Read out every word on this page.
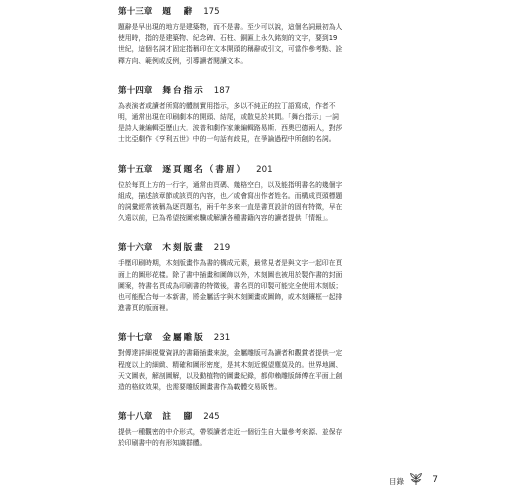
第十三章 題　辭 175

題辭是早出現的地方是建築物，而不是書。至少可以說，這個名詞最初為人

使用時，指的是建築物、紀念碑、石柱、銅匾上永久銘刻的文字，要到19

世紀，這個名詞才固定指稱印在文本開頭的稱辭或引文，可當作參考點、詮

釋方向、範例或反例，引導讀者閱讀文本。

第十四章 舞台指示 187

為表演者或讀者所寫的體制實用指示，多以不純正的拉丁語寫成，作者不

明，通常出現在印刷劇本的開頭、結尾，或散見於其間。「舞台指示」一詞

是詩人兼編輯亞歷山大．波普和劇作家兼編輯路易斯．西奧巴德兩人，對莎

士比亞劇作《亨利五世》中的一句話有歧見，在爭論過程中所創的名詞。

第十五章 逐頁題名（書眉） 201

位於每頁上方的一行字，通常由頁碼、幾格空白，以及能指明書名的幾個字

組成，描述該章節或該頁的內容，也／或會寫出作者姓名。而構成頁頭標題

的詞彙經常被稱為逐頁題名，兩千年多來一直是書頁設計的固有特徵，早在

久遠以前，已為希望按圖索驥或解讀各種書籍內容的讀者提供「情報」。

第十六章 木刻版畫 219

手壓印刷時期，木刻版畫作為書的構成元素，最常見者是與文字一起印在頁

面上的圖形花樣。除了書中插畫和圖飾以外，木刻圖也被用於製作書的封面

圖案，特書名頁成為印刷書的特徵後，書名頁的印製可能完全使用木刻版；

也可能配合每一本新書，將金屬活字與木刻圖畫或圖飾，或木刻鑲框一起排

進書頁的版面裡。

第十七章 金屬雕版 231

對傳達詳細視覺資訊的書籍插畫來說，金屬雕版可為讀者和觀賞者提供一定

程度以上的細緻、精確和圖形密度，是其木刻近親望塵莫及的。世界地圖、

天文圖表，解剖圖解，以及動植物的圖畫紀錄，都仰賴雕版師傅在平面上創

造的格紋效果，也需要雕版圖畫書作為載體交易販售。

第十八章 註　腳 245

提供一種觀密的中介形式，帶領讀者走近一個衍生自大量參考來源、並保存

於印刷書中的有形知識群體。

目錄	7
